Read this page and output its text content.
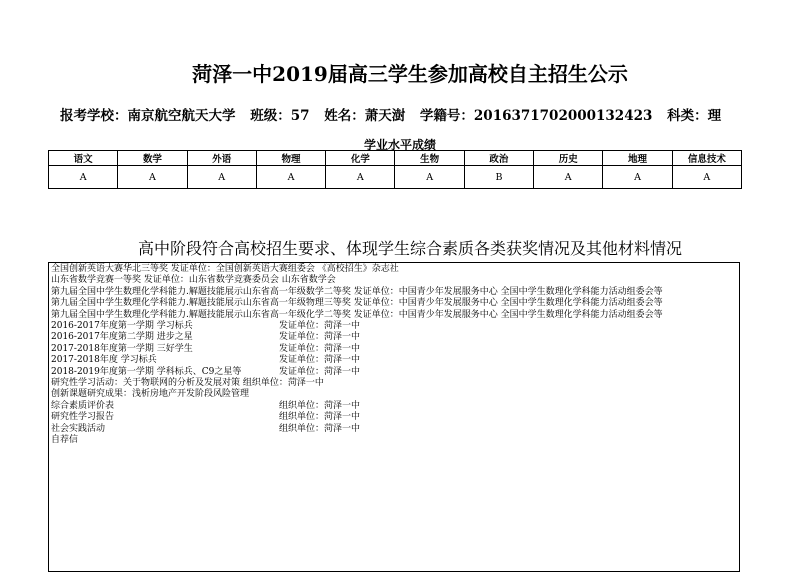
菏泽一中2019届高三学生参加高校自主招生公示
报考学校：南京航空航天大学 班级：57 姓名：萧天澍 学籍号：2016371702000132423 科类：理
学业水平成绩
语文	数学	外语	物理	化学	生物	政治	历史	地理	信息技术
A	A	A	A	A	A	B	A	A	A
高中阶段符合高校招生要求、体现学生综合素质各类获奖情况及其他材料情况
全国创新英语大赛华北三等奖 发证单位：全国创新英语大赛组委会 《高校招生》杂志社
山东省数学竞赛一等奖 发证单位：山东省数学竞赛委员会 山东省数学会
第九届全国中学生数理化学科能力.解题技能展示山东省高一年级数学二等奖 发证单位：中国青少年发展服务中心 全国中学生数理化学科能力活动组委会等
第九届全国中学生数理化学科能力.解题技能展示山东省高一年级物理三等奖 发证单位：中国青少年发展服务中心 全国中学生数理化学科能力活动组委会等
第九届全国中学生数理化学科能力.解题技能展示山东省高一年级化学二等奖 发证单位：中国青少年发展服务中心 全国中学生数理化学科能力活动组委会等
2016-2017年度第一学期 学习标兵	发证单位：菏泽一中
2016-2017年度第二学期 进步之星	发证单位：菏泽一中
2017-2018年度第一学期 三好学生	发证单位：菏泽一中
2017-2018年度 学习标兵	发证单位：菏泽一中
2018-2019年度第一学期 学科标兵、C9之星等	发证单位：菏泽一中
研究性学习活动：关于物联网的分析及发展对策 组织单位：菏泽一中
创新课题研究成果：浅析房地产开发阶段风险管理
综合素质评价表	组织单位：菏泽一中
研究性学习报告	组织单位：菏泽一中
社会实践活动	组织单位：菏泽一中
自荐信
